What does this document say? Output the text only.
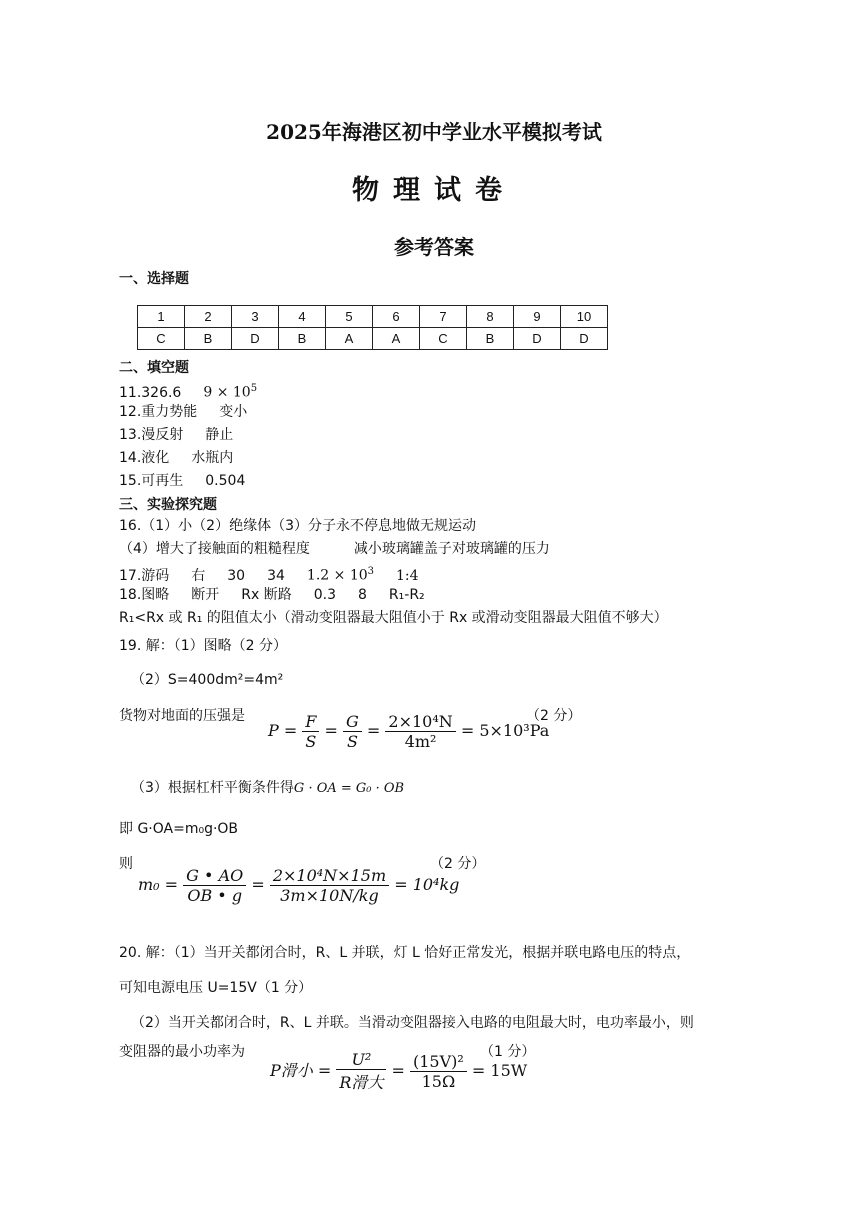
2025年海港区初中学业水平模拟考试
物理试卷
参考答案
一、选择题
1	2	3	4	5	6	7	8	9	10
C	B	D	B	A	A	C	B	D	D
二、填空题
11.326.6 $9 \times 10^5$
12.重力势能 变小
13.漫反射 静止
14.液化 水瓶内
15.可再生 0.504
三、实验探究题
16.（1）小（2）绝缘体（3）分子永不停息地做无规运动
（4）增大了接触面的粗糙程度	减小玻璃罐盖子对玻璃罐的压力
17.游码 右 30 34 $1.2 \times 10^3$ 1:4
18.图略 断开 Rx 断路 0.3 8 R₁-R₂
R₁<Rx 或 R₁ 的阻值太小（滑动变阻器最大阻值小于 Rx 或滑动变阻器最大阻值不够大）
19. 解：（1）图略（2 分）
（2）S=400dm²=4m²
货物对地面的压强是	（2 分）
$P = \frac{F}{S} = \frac{G}{S} = \frac{\text{2×10⁴N}}{\text{4m²}} = 5\times 10^3Pa$
（3）根据杠杆平衡条件得G · OA = G₀ · OB
即 G·OA=m₀g·OB
则	（2 分）
$m_0 = \frac{G • AO}{OB • g} = \frac{\text{2×10⁴N×15m}}{3m\times 10N/kg} = 10^4kg$
20. 解：（1）当开关都闭合时，R、L 并联，灯 L 恰好正常发光，根据并联电路电压的特点，
可知电源电压 U=15V（1 分）
（2）当开关都闭合时，R、L 并联。当滑动变阻器接入电路的电阻最大时，电功率最小，则
变阻器的最小功率为	（1 分）
P滑小 = $\frac{\text{U²}}{\text{R滑大}} = \frac{\text{(15V)²}}{15\Omega} = 15W$
